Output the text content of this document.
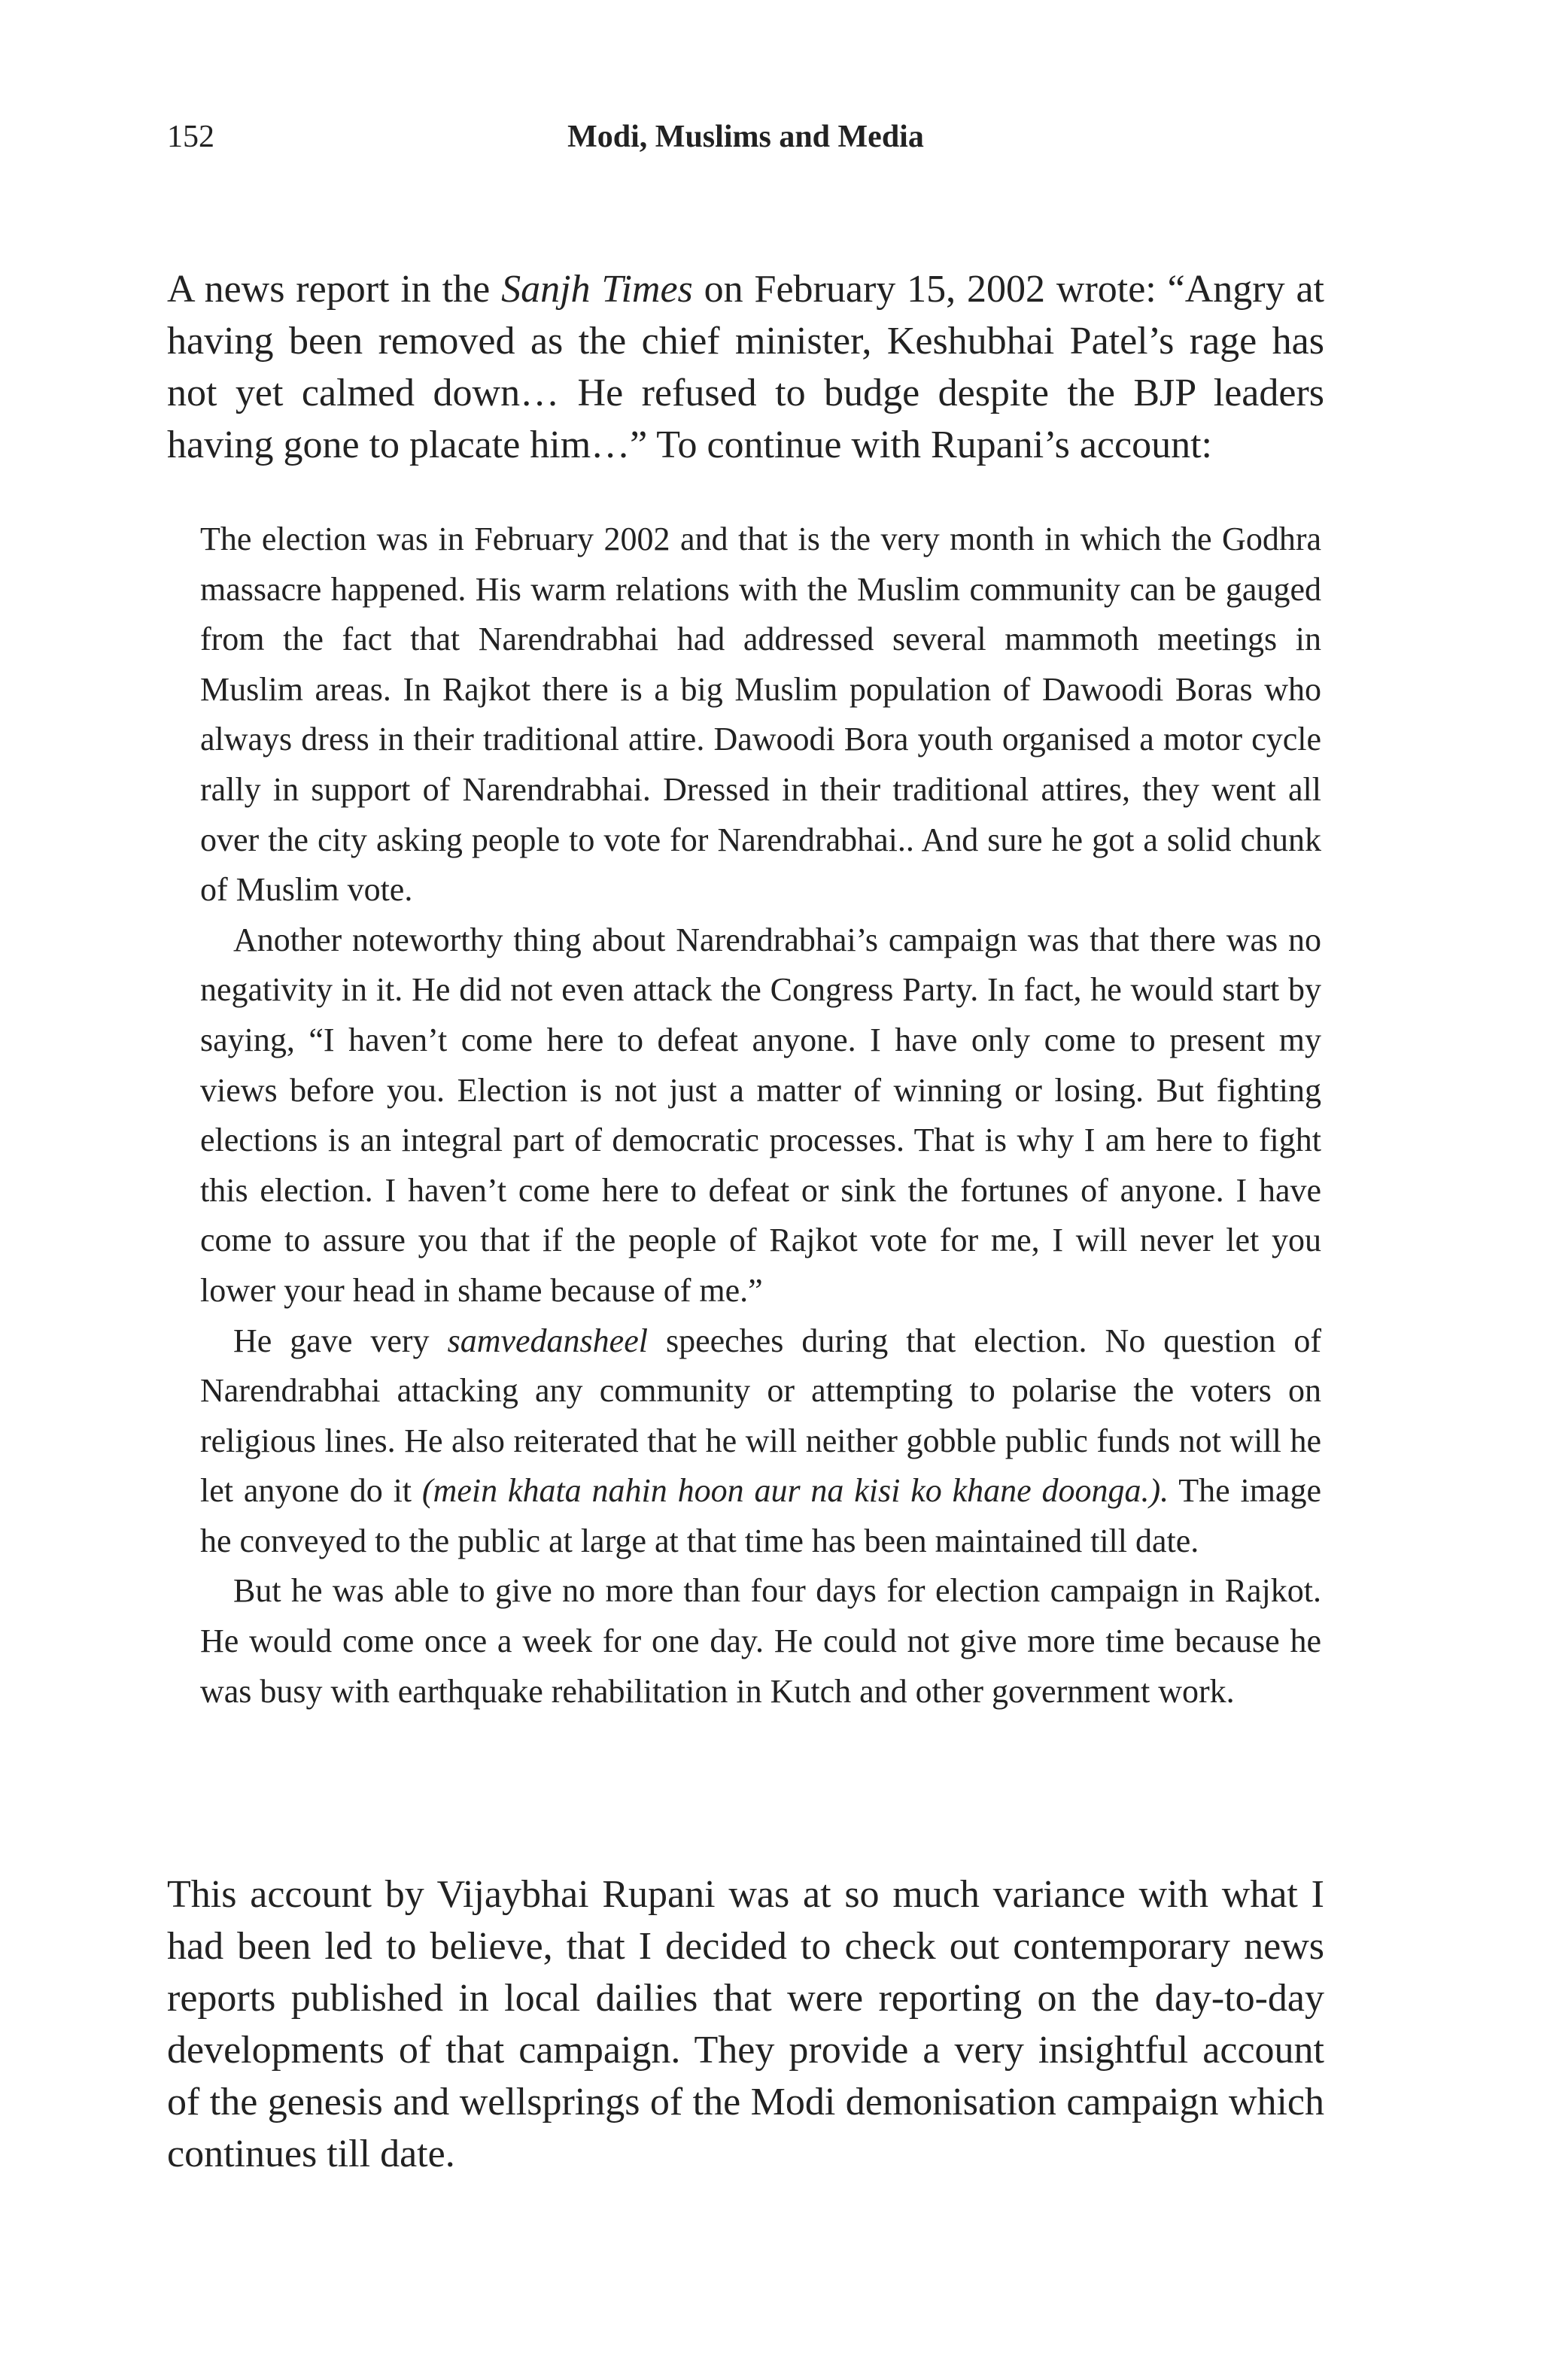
152	Modi, Muslims and Media

A news report in the Sanjh Times on February 15, 2002 wrote: “Angry at having been removed as the chief minister, Keshubhai Patel’s rage has not yet calmed down… He refused to budge despite the BJP leaders having gone to placate him…” To continue with Rupani’s account:

The election was in February 2002 and that is the very month in which the Godhra massacre happened. His warm relations with the Muslim community can be gauged from the fact that Narendrabhai had addressed several mammoth meetings in Muslim areas. In Rajkot there is a big Muslim population of Dawoodi Boras who always dress in their traditional attire. Dawoodi Bora youth organised a motor cycle rally in support of Narendrabhai. Dressed in their traditional attires, they went all over the city asking people to vote for Narendrabhai.. And sure he got a solid chunk of Muslim vote.

Another noteworthy thing about Narendrabhai’s campaign was that there was no negativity in it. He did not even attack the Congress Party. In fact, he would start by saying, “I haven’t come here to defeat anyone. I have only come to present my views before you. Election is not just a matter of winning or losing. But fighting elections is an integral part of democratic processes. That is why I am here to fight this election. I haven’t come here to defeat or sink the fortunes of anyone. I have come to assure you that if the people of Rajkot vote for me, I will never let you lower your head in shame because of me.”

He gave very samvedansheel speeches during that election. No question of Narendrabhai attacking any community or attempting to polarise the voters on religious lines. He also reiterated that he will neither gobble public funds not will he let anyone do it (mein khata nahin hoon aur na kisi ko khane doonga.). The image he conveyed to the public at large at that time has been maintained till date.

But he was able to give no more than four days for election campaign in Rajkot. He would come once a week for one day. He could not give more time because he was busy with earthquake rehabilitation in Kutch and other government work.

This account by Vijaybhai Rupani was at so much variance with what I had been led to believe, that I decided to check out contemporary news reports published in local dailies that were reporting on the day-to-day developments of that campaign. They provide a very insightful account of the genesis and wellsprings of the Modi demonisation campaign which continues till date.
